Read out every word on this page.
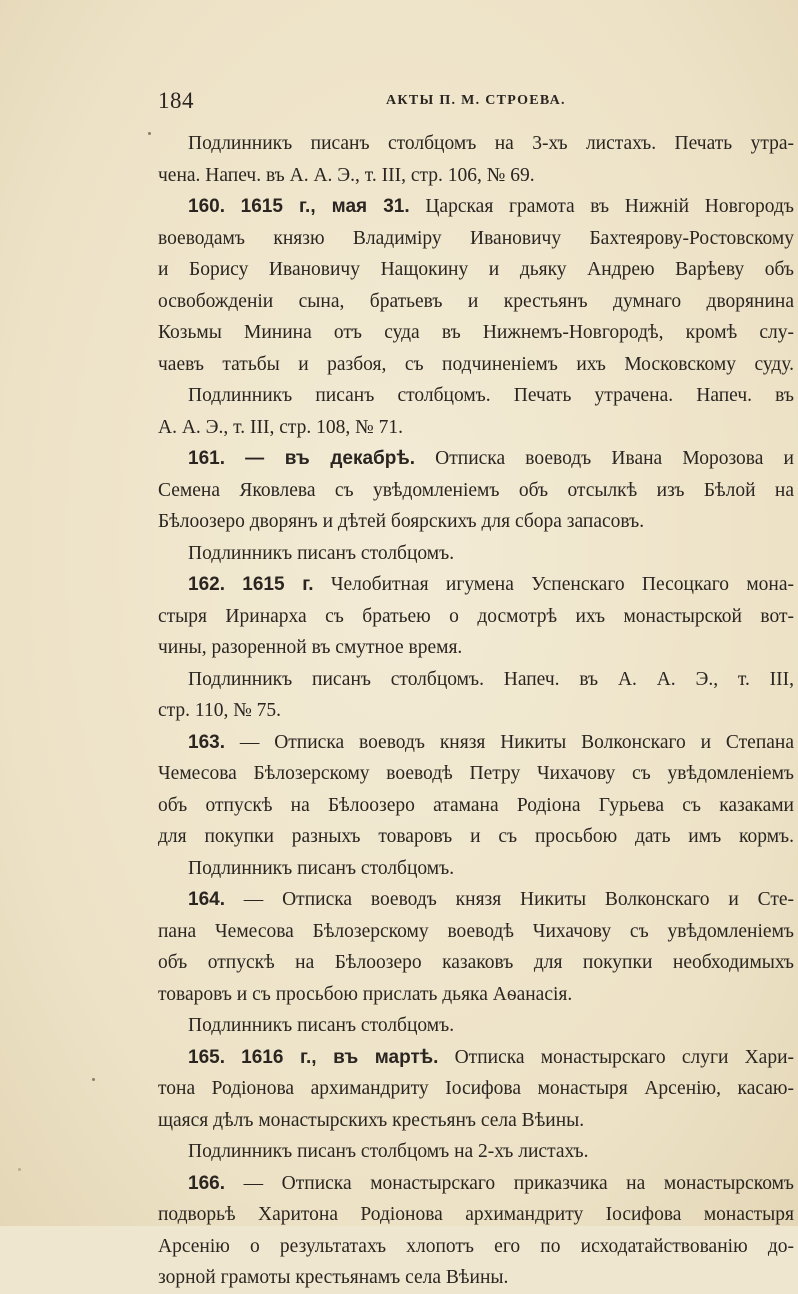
184	АКТЫ П. М. СТРОЕВА.
Подлинникъ писанъ столбцомъ на 3-хъ листахъ. Печать утра-
чена. Напеч. въ А. А. Э., т. III, стр. 106, № 69.
160. 1615 г., мая 31. Царская грамота въ Нижній Новгородъ
воеводамъ князю Владиміру Ивановичу Бахтеярову-Ростовскому
и Борису Ивановичу Нащокину и дьяку Андрею Варѣеву объ
освобожденіи сына, братьевъ и крестьянъ думнаго дворянина
Козьмы Минина отъ суда въ Нижнемъ-Новгородѣ, кромѣ слу-
чаевъ татьбы и разбоя, съ подчиненіемъ ихъ Московскому суду.
Подлинникъ писанъ столбцомъ. Печать утрачена. Напеч. въ
А. А. Э., т. III, стр. 108, № 71.
161. — въ декабрѣ. Отписка воеводъ Ивана Морозова и
Семена Яковлева съ увѣдомленіемъ объ отсылкѣ изъ Бѣлой на
Бѣлоозеро дворянъ и дѣтей боярскихъ для сбора запасовъ.
Подлинникъ писанъ столбцомъ.
162. 1615 г. Челобитная игумена Успенскаго Песоцкаго мона-
стыря Иринарха съ братьею о досмотрѣ ихъ монастырской вот-
чины, разоренной въ смутное время.
Подлинникъ писанъ столбцомъ. Напеч. въ А. А. Э., т. III,
стр. 110, № 75.
163. — Отписка воеводъ князя Никиты Волконскаго и Степана
Чемесова Бѣлозерскому воеводѣ Петру Чихачову съ увѣдомленіемъ
объ отпускѣ на Бѣлоозеро атамана Родіона Гурьева съ казаками
для покупки разныхъ товаровъ и съ просьбою дать имъ кормъ.
Подлинникъ писанъ столбцомъ.
164. — Отписка воеводъ князя Никиты Волконскаго и Сте-
пана Чемесова Бѣлозерскому воеводѣ Чихачову съ увѣдомленіемъ
объ отпускѣ на Бѣлоозеро казаковъ для покупки необходимыхъ
товаровъ и съ просьбою прислать дьяка Аѳанасія.
Подлинникъ писанъ столбцомъ.
165. 1616 г., въ мартѣ. Отписка монастырскаго слуги Хари-
тона Родіонова архимандриту Іосифова монастыря Арсенію, касаю-
щаяся дѣлъ монастырскихъ крестьянъ села Вѣины.
Подлинникъ писанъ столбцомъ на 2-хъ листахъ.
166. — Отписка монастырскаго приказчика на монастырскомъ
подворьѣ Харитона Родіонова архимандриту Іосифова монастыря
Арсенію о результатахъ хлопотъ его по исходатайствованію до-
зорной грамоты крестьянамъ села Вѣины.
